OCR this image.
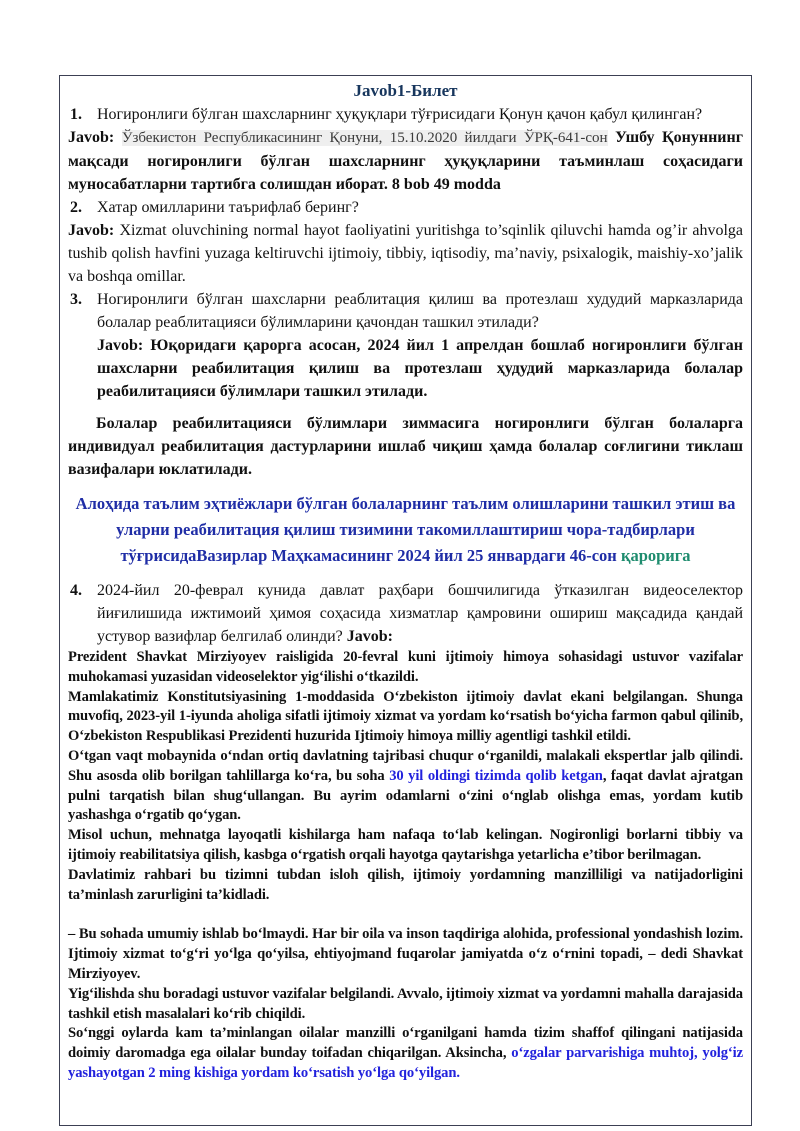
Javob1-Билет
1. Ногиронлиги бўлган шахсларнинг ҳуқуқлари тўғрисидаги Қонун қачон қабул қилинган?
Javob: Ўзбекистон Республикасининг Қонуни, 15.10.2020 йилдаги ЎРҚ-641-сон Ушбу Қонуннинг мақсади ногиронлиги бўлган шахсларнинг ҳуқуқларини таъминлаш соҳасидаги муносабатларни тартибга солишдан иборат. 8 bob 49 modda
2. Хатар омилларини таърифлаб беринг?
Javob: Xizmat oluvchining normal hayot faoliyatini yuritishga to’sqinlik qiluvchi hamda og’ir ahvolga tushib qolish havfini yuzaga keltiruvchi ijtimoiy, tibbiy, iqtisodiy, ma’naviy, psixalogik, maishiy-xo’jalik va boshqa omillar.
3. Ногиронлиги бўлган шахсларни реаблитация қилиш ва протезлаш худудий марказларида болалар реаблитацияси бўлимларини қачондан ташкил этилади?
Javob: Юқоридаги қарорга асосан, 2024 йил 1 апрелдан бошлаб ногиронлиги бўлган шахсларни реабилитация қилиш ва протезлаш ҳудудий марказларида болалар реабилитацияси бўлимлари ташкил этилади.
Болалар реабилитацияси бўлимлари зиммасига ногиронлиги бўлган болаларга индивидуал реабилитация дастурларини ишлаб чиқиш ҳамда болалар соғлигини тиклаш вазифалари юклатилади.
Алоҳида таълим эҳтиёжлари бўлган болаларнинг таълим олишларини ташкил этиш ва уларни реабилитация қилиш тизимини такомиллаштириш чора-тадбирлари тўғрисидаВазирлар Маҳкамасининг 2024 йил 25 январдаги 46-сон қарорига
4. 2024-йил 20-феврал кунида давлат раҳбари бошчилигида ўтказилган видеоселектор йиғилишида ижтимоий ҳимоя соҳасида хизматлар қамровини ошириш мақсадида қандай устувор вазифлар белгилаб олинди? Javob:

Prezident Shavkat Mirziyoyev raisligida 20-fevral kuni ijtimoiy himoya sohasidagi ustuvor vazifalar muhokamasi yuzasidan videoselektor yigʻilishi oʻtkazildi.

Mamlakatimiz Konstitutsiyasining 1-moddasida Oʻzbekiston ijtimoiy davlat ekani belgilangan. Shunga muvofiq, 2023-yil 1-iyunda aholiga sifatli ijtimoiy xizmat va yordam koʻrsatish boʻyicha farmon qabul qilinib, Oʻzbekiston Respublikasi Prezidenti huzurida Ijtimoiy himoya milliy agentligi tashkil etildi.

Oʻtgan vaqt mobaynida oʻndan ortiq davlatning tajribasi chuqur oʻrganildi, malakali ekspertlar jalb qilindi. Shu asosda olib borilgan tahlillarga koʻra, bu soha 30 yil oldingi tizimda qolib ketgan, faqat davlat ajratgan pulni tarqatish bilan shugʻullangan. Bu ayrim odamlarni oʻzini oʻnglab olishga emas, yordam kutib yashashga oʻrgatib qoʻygan.

Misol uchun, mehnatga layoqatli kishilarga ham nafaqa toʻlab kelingan. Nogironligi borlarni tibbiy va ijtimoiy reabilitatsiya qilish, kasbga oʻrgatish orqali hayotga qaytarishga yetarlicha e’tibor berilmagan.

Davlatimiz rahbari bu tizimni tubdan isloh qilish, ijtimoiy yordamning manzilliligi va natijadorligini ta’minlash zarurligini ta’kidladi.

– Bu sohada umumiy ishlab boʻlmaydi. Har bir oila va inson taqdiriga alohida, professional yondashish lozim. Ijtimoiy xizmat toʻgʻri yoʻlga qoʻyilsa, ehtiyojmand fuqarolar jamiyatda oʻz oʻrnini topadi, – dedi Shavkat Mirziyoyev.

Yigʻilishda shu boradagi ustuvor vazifalar belgilandi. Avvalo, ijtimoiy xizmat va yordamni mahalla darajasida tashkil etish masalalari koʻrib chiqildi.

Soʻnggi oylarda kam ta’minlangan oilalar manzilli oʻrganilgani hamda tizim shaffof qilingani natijasida doimiy daromadga ega oilalar bunday toifadan chiqarilgan. Aksincha, oʻzgalar parvarishiga muhtoj, yolgʻiz yashayotgan 2 ming kishiga yordam koʻrsatish yoʻlga qoʻyilgan.
